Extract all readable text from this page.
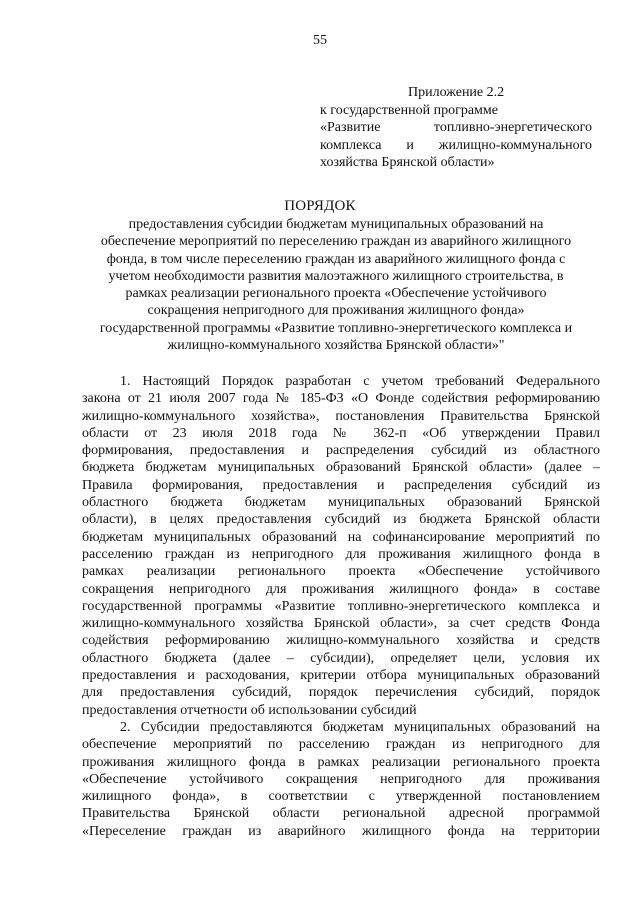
55
Приложение 2.2
к государственной программе
«Развитие топливно-энергетического
комплекса и жилищно-коммунального
хозяйства Брянской области»
ПОРЯДОК
предоставления субсидии бюджетам муниципальных образований на
обеспечение мероприятий по переселению граждан из аварийного жилищного
фонда, в том числе переселению граждан из аварийного жилищного фонда с
учетом необходимости развития малоэтажного жилищного строительства, в
рамках реализации регионального проекта «Обеспечение устойчивого
сокращения непригодного для проживания жилищного фонда»
государственной программы «Развитие топливно-энергетического комплекса и
жилищно-коммунального хозяйства Брянской области»"
1. Настоящий Порядок разработан с учетом требований Федерального
закона от 21 июля 2007 года № 185-ФЗ «О Фонде содействия реформированию
жилищно-коммунального хозяйства», постановления Правительства Брянской
области от 23 июля 2018 года № 362-п «Об утверждении Правил
формирования, предоставления и распределения субсидий из областного
бюджета бюджетам муниципальных образований Брянской области» (далее –
Правила формирования, предоставления и распределения субсидий из
областного бюджета бюджетам муниципальных образований Брянской
области), в целях предоставления субсидий из бюджета Брянской области
бюджетам муниципальных образований на софинансирование мероприятий по
расселению граждан из непригодного для проживания жилищного фонда в
рамках реализации регионального проекта «Обеспечение устойчивого
сокращения непригодного для проживания жилищного фонда» в составе
государственной программы «Развитие топливно-энергетического комплекса и
жилищно-коммунального хозяйства Брянской области», за счет средств Фонда
содействия реформированию жилищно-коммунального хозяйства и средств
областного бюджета (далее – субсидии), определяет цели, условия их
предоставления и расходования, критерии отбора муниципальных образований
для предоставления субсидий, порядок перечисления субсидий, порядок
предоставления отчетности об использовании субсидий
2. Субсидии предоставляются бюджетам муниципальных образований на
обеспечение мероприятий по расселению граждан из непригодного для
проживания жилищного фонда в рамках реализации регионального проекта
«Обеспечение устойчивого сокращения непригодного для проживания
жилищного фонда», в соответствии с утвержденной постановлением
Правительства Брянской области региональной адресной программой
«Переселение граждан из аварийного жилищного фонда на территории
